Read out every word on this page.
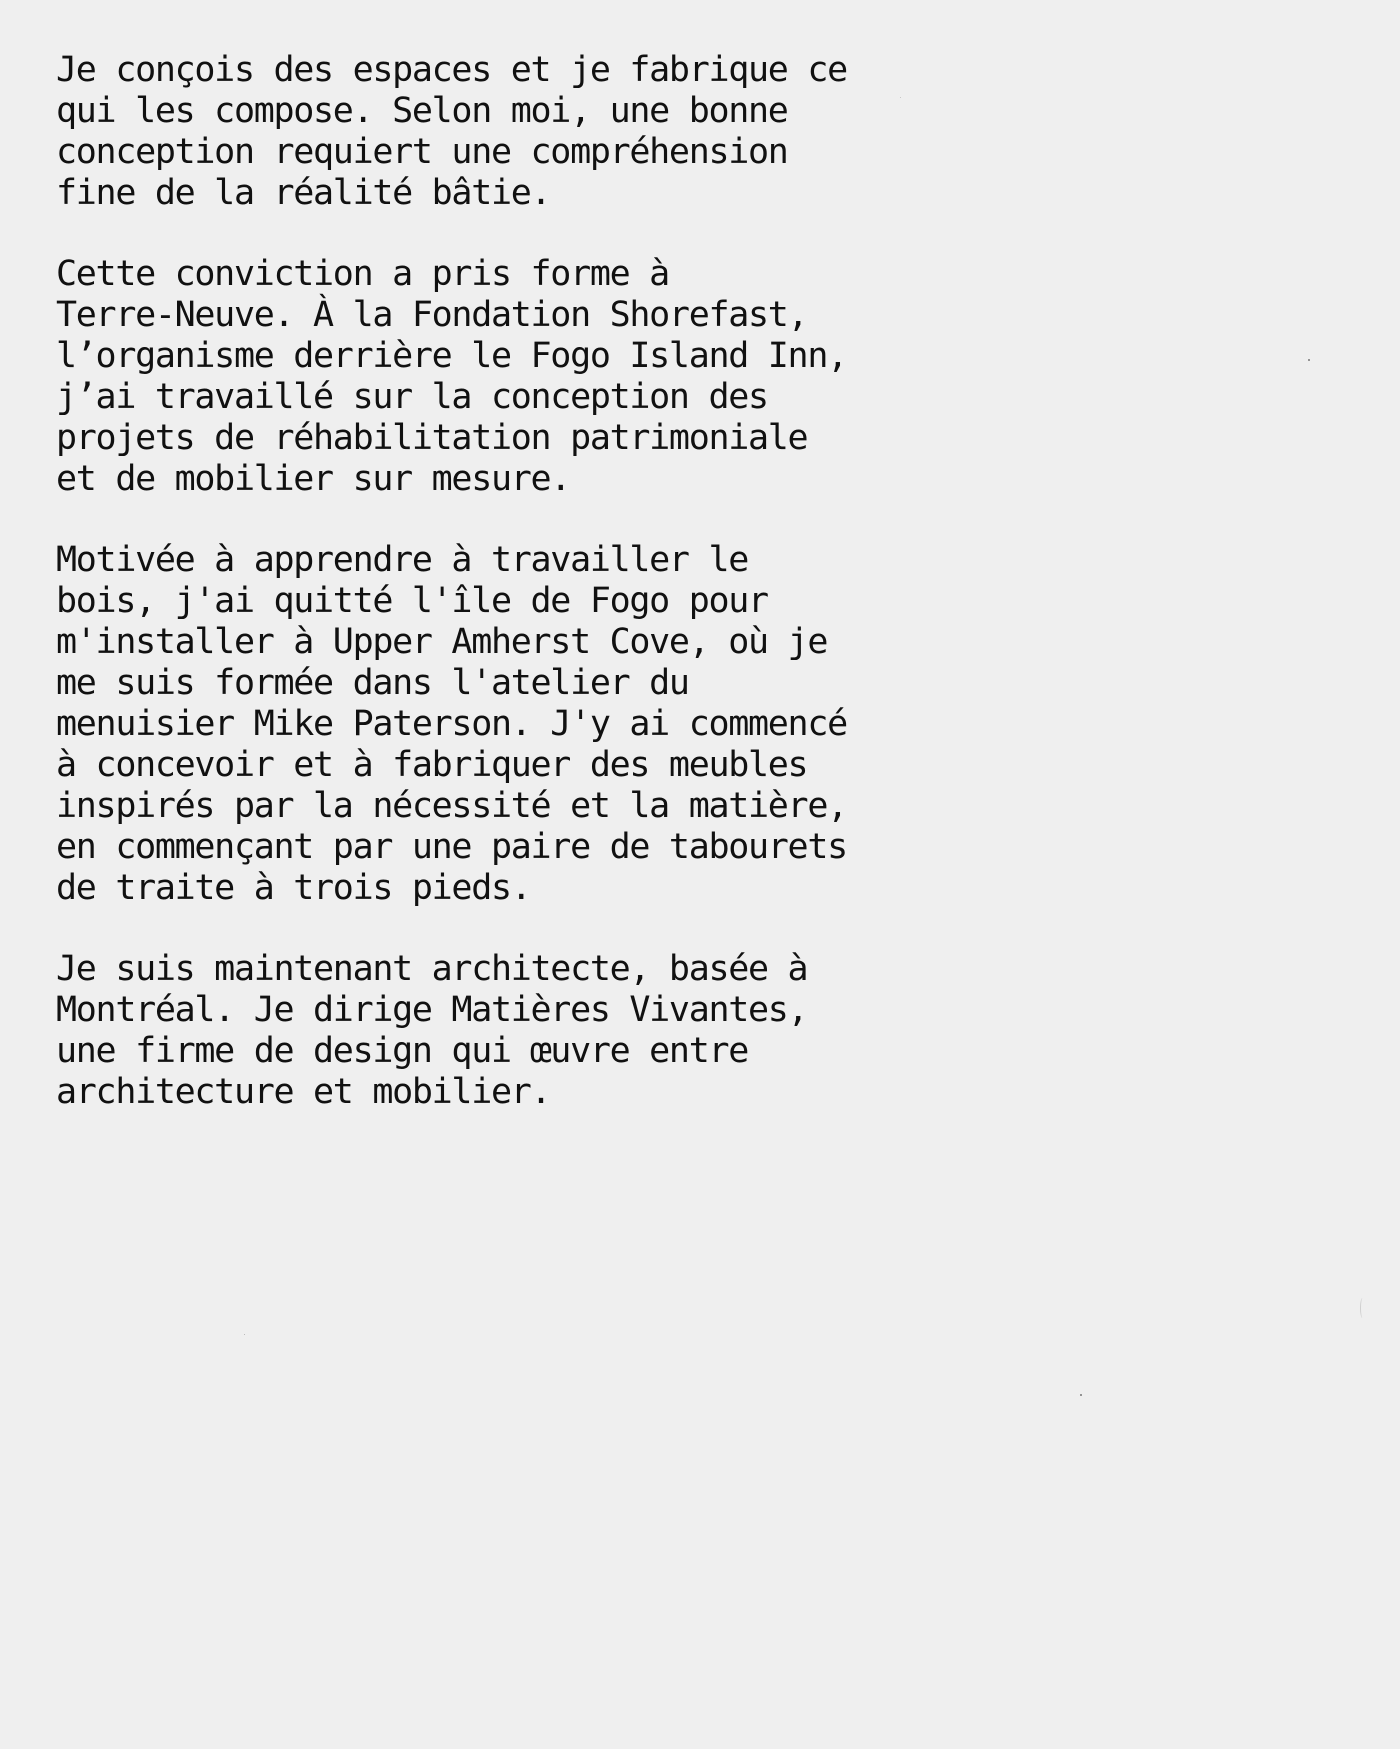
Je conçois des espaces et je fabrique ce
qui les compose. Selon moi, une bonne
conception requiert une compréhension
fine de la réalité bâtie.

Cette conviction a pris forme à
Terre-Neuve. À la Fondation Shorefast,
l’organisme derrière le Fogo Island Inn,
j’ai travaillé sur la conception des
projets de réhabilitation patrimoniale
et de mobilier sur mesure.

Motivée à apprendre à travailler le
bois, j'ai quitté l'île de Fogo pour
m'installer à Upper Amherst Cove, où je
me suis formée dans l'atelier du
menuisier Mike Paterson. J'y ai commencé
à concevoir et à fabriquer des meubles
inspirés par la nécessité et la matière,
en commençant par une paire de tabourets
de traite à trois pieds.

Je suis maintenant architecte, basée à
Montréal. Je dirige Matières Vivantes,
une firme de design qui œuvre entre
architecture et mobilier.
